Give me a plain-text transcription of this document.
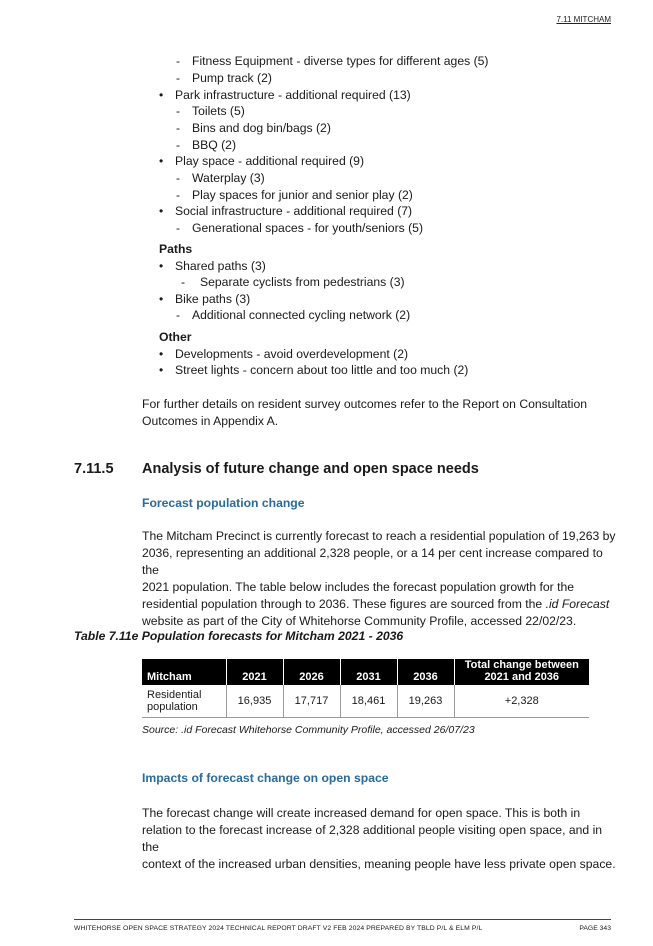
7.11 MITCHAM
- Fitness Equipment - diverse types for different ages (5)
- Pump track (2)
• Park infrastructure - additional required (13)
- Toilets (5)
- Bins and dog bin/bags (2)
- BBQ (2)
• Play space - additional required (9)
- Waterplay (3)
- Play spaces for junior and senior play (2)
• Social infrastructure - additional required (7)
- Generational spaces - for youth/seniors (5)
Paths
• Shared paths (3)
- Separate cyclists from pedestrians (3)
• Bike paths (3)
- Additional connected cycling network (2)
Other
• Developments - avoid overdevelopment (2)
• Street lights - concern about too little and too much (2)
For further details on resident survey outcomes refer to the Report on Consultation
Outcomes in Appendix A.
7.11.5 Analysis of future change and open space needs
Forecast population change
The Mitcham Precinct is currently forecast to reach a residential population of 19,263 by
2036, representing an additional 2,328 people, or a 14 per cent increase compared to the
2021 population. The table below includes the forecast population growth for the
residential population through to 2036. These figures are sourced from the .id Forecast
website as part of the City of Whitehorse Community Profile, accessed 22/02/23.
Table 7.11e Population forecasts for Mitcham 2021 - 2036
Mitcham	2021	2026	2031	2036	Total change between 2021 and 2036
Residential population	16,935	17,717	18,461	19,263	+2,328
Source: .id Forecast Whitehorse Community Profile, accessed 26/07/23
Impacts of forecast change on open space
The forecast change will create increased demand for open space. This is both in
relation to the forecast increase of 2,328 additional people visiting open space, and in the
context of the increased urban densities, meaning people have less private open space.
WHITEHORSE OPEN SPACE STRATEGY 2024 TECHNICAL REPORT DRAFT V2 FEB 2024 PREPARED BY TBLD P/L & ELM P/L	PAGE 343
